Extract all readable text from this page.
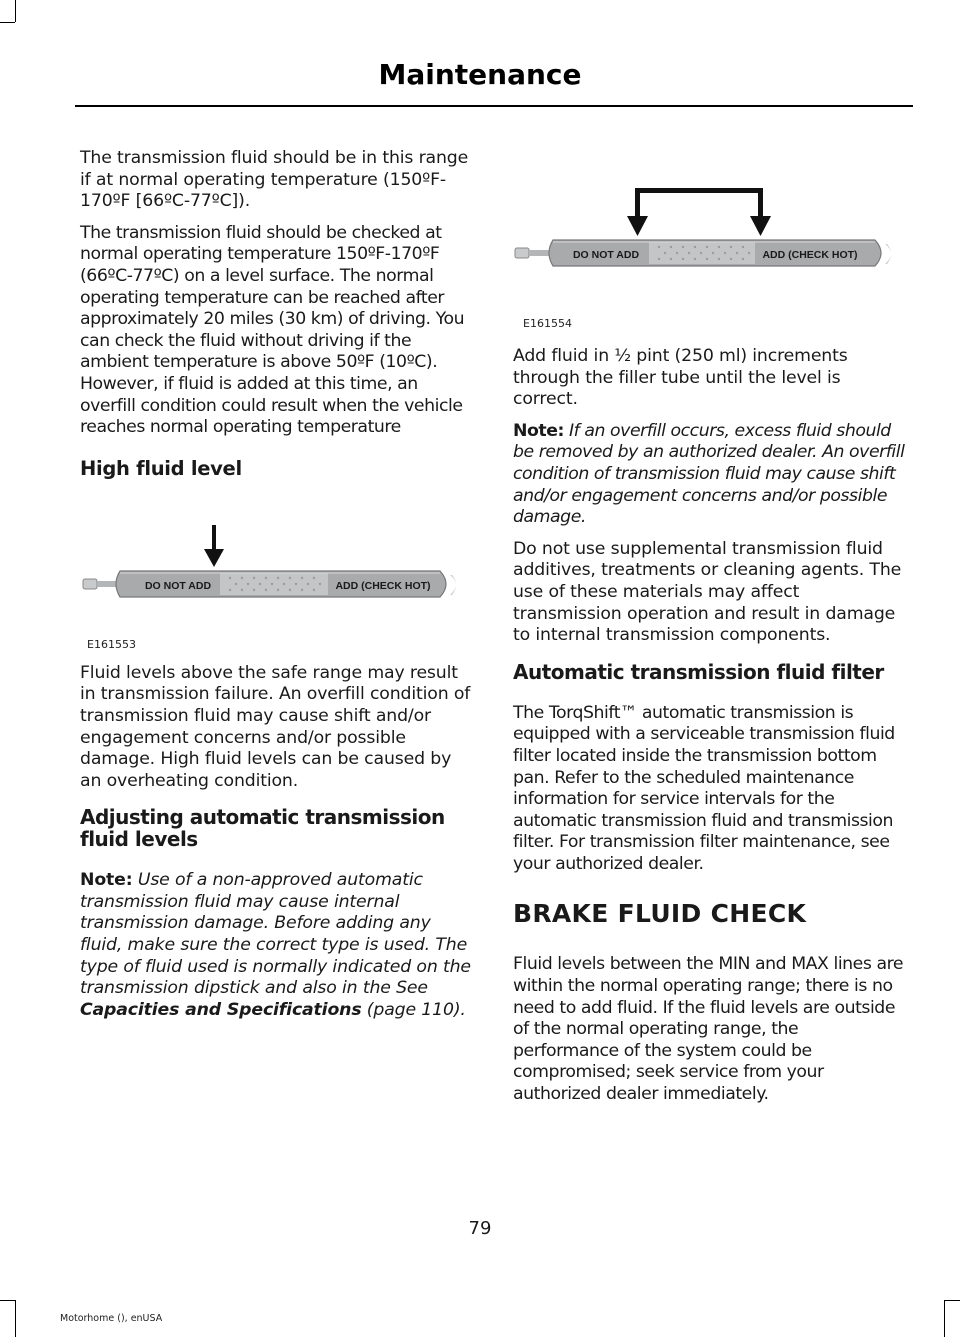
Maintenance

The transmission fluid should be in this range if at normal operating temperature (150ºF-170ºF [66ºC-77ºC]).

The transmission fluid should be checked at normal operating temperature 150ºF-170ºF (66ºC-77ºC) on a level surface. The normal operating temperature can be reached after approximately 20 miles (30 km) of driving. You can check the fluid without driving if the ambient temperature is above 50ºF (10ºC). However, if fluid is added at this time, an overfill condition could result when the vehicle reaches normal operating temperature

High fluid level
DO NOT ADD	ADD (CHECK HOT)
E161553

Fluid levels above the safe range may result in transmission failure. An overfill condition of transmission fluid may cause shift and/or engagement concerns and/or possible damage. High fluid levels can be caused by an overheating condition.

Adjusting automatic transmission fluid levels

Note: Use of a non-approved automatic transmission fluid may cause internal transmission damage. Before adding any fluid, make sure the correct type is used. The type of fluid used is normally indicated on the transmission dipstick and also in the See Capacities and Specifications (page 110).

DO NOT ADD	ADD (CHECK HOT)
E161554

Add fluid in ½ pint (250 ml) increments through the filler tube until the level is correct.

Note: If an overfill occurs, excess fluid should be removed by an authorized dealer. An overfill condition of transmission fluid may cause shift and/or engagement concerns and/or possible damage.

Do not use supplemental transmission fluid additives, treatments or cleaning agents. The use of these materials may affect transmission operation and result in damage to internal transmission components.

Automatic transmission fluid filter

The TorqShift™ automatic transmission is equipped with a serviceable transmission fluid filter located inside the transmission bottom pan. Refer to the scheduled maintenance information for service intervals for the automatic transmission fluid and transmission filter. For transmission filter maintenance, see your authorized dealer.

BRAKE FLUID CHECK

Fluid levels between the MIN and MAX lines are within the normal operating range; there is no need to add fluid. If the fluid levels are outside of the normal operating range, the performance of the system could be compromised; seek service from your authorized dealer immediately.

79
Motorhome (), enUSA
